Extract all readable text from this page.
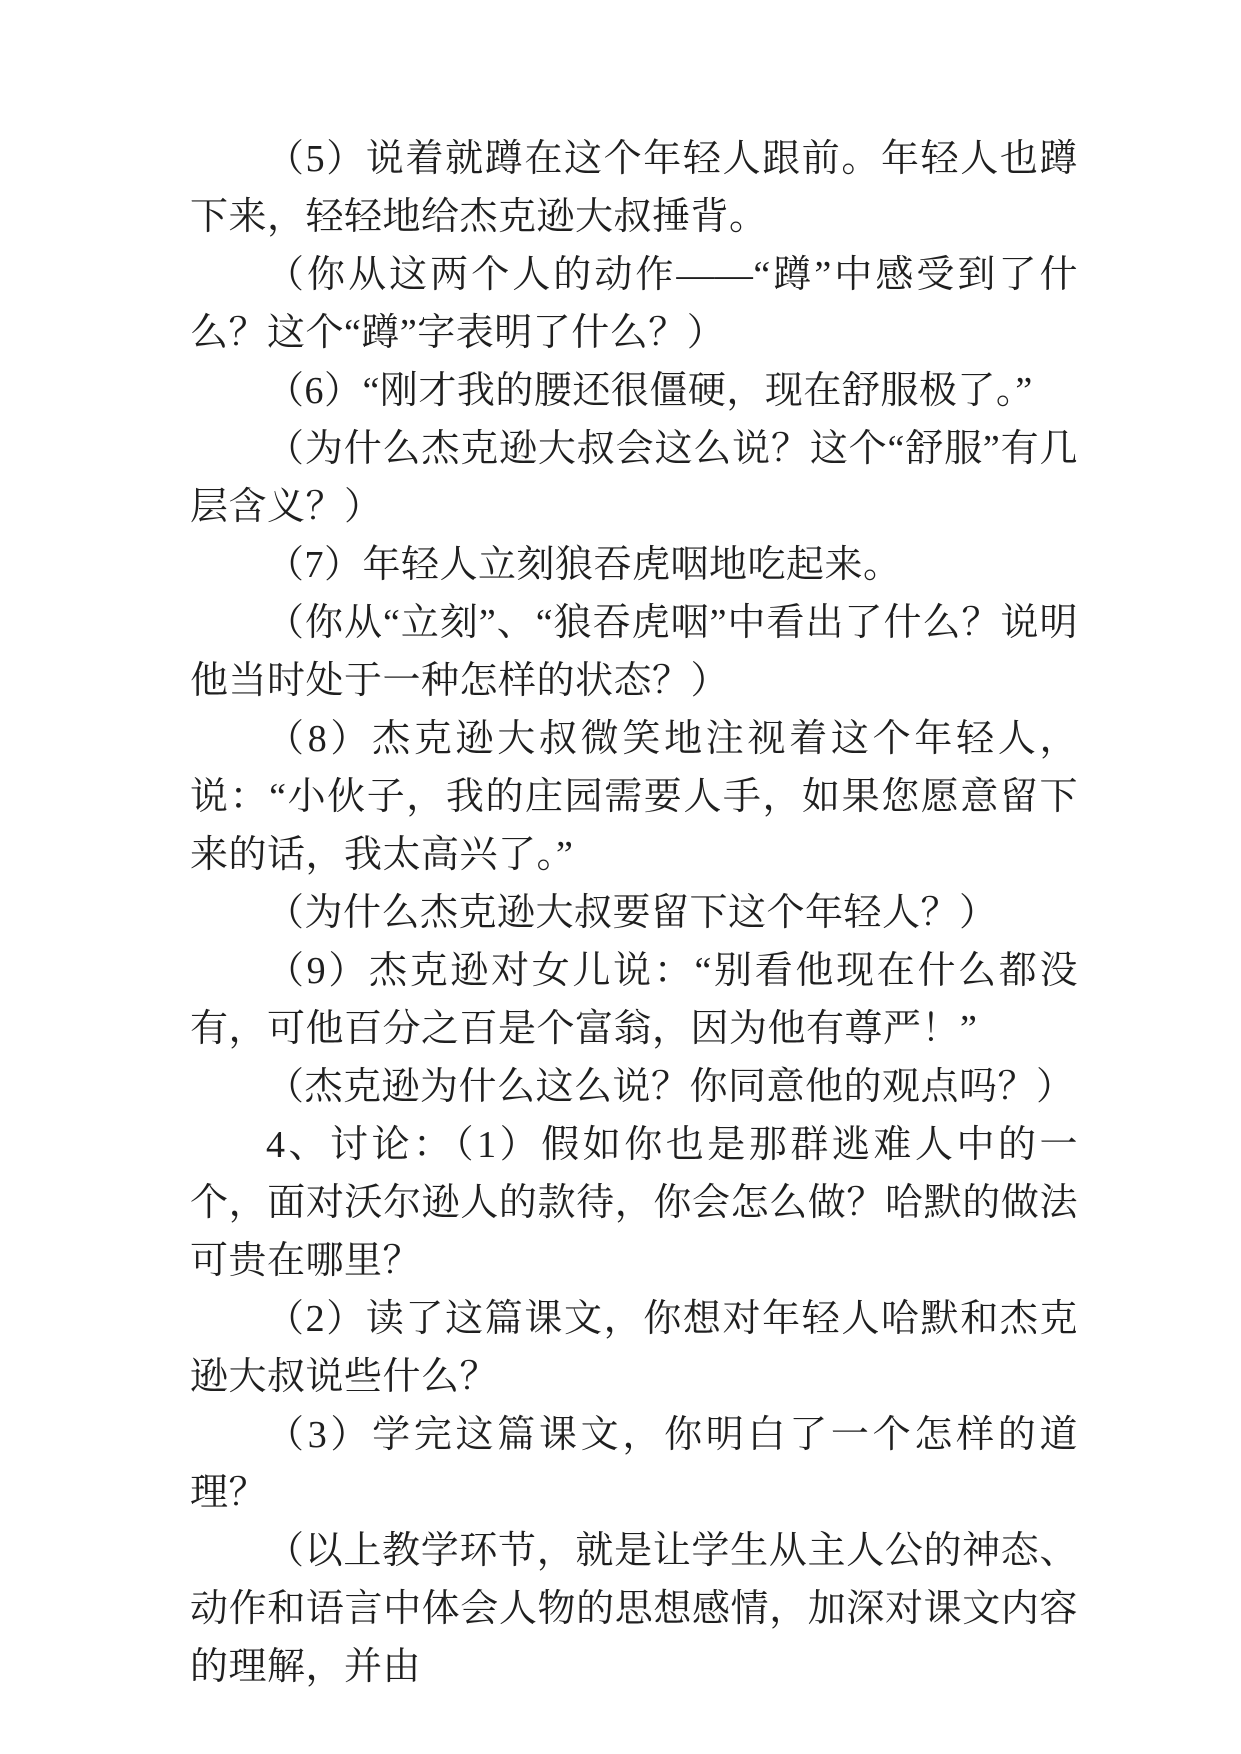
（5）说着就蹲在这个年轻人跟前。年轻人也蹲下来，轻轻地给杰克逊大叔捶背。

（你从这两个人的动作——“蹲”中感受到了什么？这个“蹲”字表明了什么？）

（6）“刚才我的腰还很僵硬，现在舒服极了。”

（为什么杰克逊大叔会这么说？这个“舒服”有几层含义？）

（7）年轻人立刻狼吞虎咽地吃起来。

（你从“立刻”、“狼吞虎咽”中看出了什么？说明他当时处于一种怎样的状态？）

（8）杰克逊大叔微笑地注视着这个年轻人，说：“小伙子，我的庄园需要人手，如果您愿意留下来的话，我太高兴了。”

（为什么杰克逊大叔要留下这个年轻人？）

（9）杰克逊对女儿说：“别看他现在什么都没有，可他百分之百是个富翁，因为他有尊严！”

（杰克逊为什么这么说？你同意他的观点吗？）

4、讨论：（1）假如你也是那群逃难人中的一个，面对沃尔逊人的款待，你会怎么做？哈默的做法可贵在哪里？

（2）读了这篇课文，你想对年轻人哈默和杰克逊大叔说些什么？

（3）学完这篇课文，你明白了一个怎样的道理？

（以上教学环节，就是让学生从主人公的神态、动作和语言中体会人物的思想感情，加深对课文内容的理解，并由
